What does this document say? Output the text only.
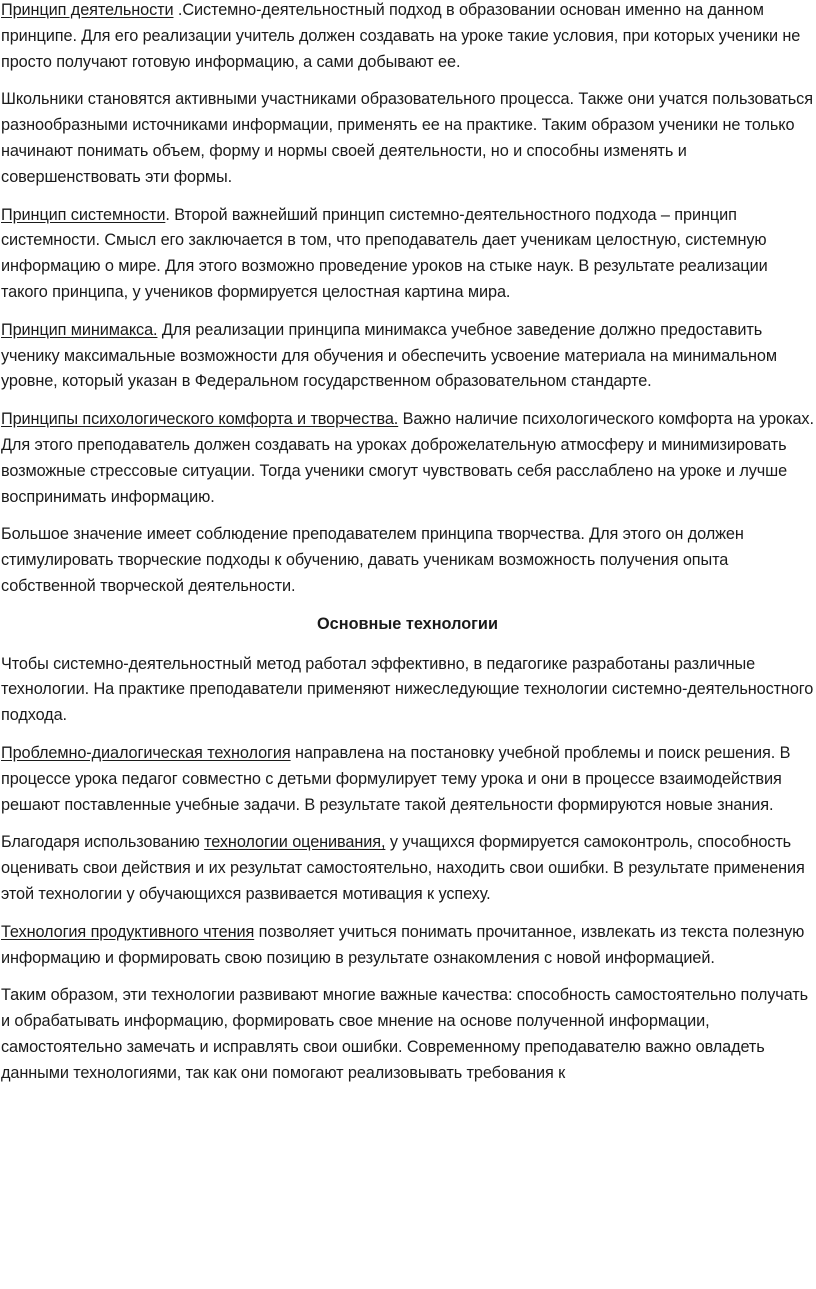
Принцип деятельности .Системно-деятельностный подход в образовании основан именно на данном принципе. Для его реализации учитель должен создавать на уроке такие условия, при которых ученики не просто получают готовую информацию, а сами добывают ее.

Школьники становятся активными участниками образовательного процесса. Также они учатся пользоваться разнообразными источниками информации, применять ее на практике. Таким образом ученики не только начинают понимать объем, форму и нормы своей деятельности, но и способны изменять и совершенствовать эти формы.

Принцип системности. Второй важнейший принцип системно-деятельностного подхода – принцип системности. Смысл его заключается в том, что преподаватель дает ученикам целостную, системную информацию о мире. Для этого возможно проведение уроков на стыке наук. В результате реализации такого принципа, у учеников формируется целостная картина мира.

Принцип минимакса. Для реализации принципа минимакса учебное заведение должно предоставить ученику максимальные возможности для обучения и обеспечить усвоение материала на минимальном уровне, который указан в Федеральном государственном образовательном стандарте.

Принципы психологического комфорта и творчества. Важно наличие психологического комфорта на уроках. Для этого преподаватель должен создавать на уроках доброжелательную атмосферу и минимизировать возможные стрессовые ситуации. Тогда ученики смогут чувствовать себя расслаблено на уроке и лучше воспринимать информацию.

Большое значение имеет соблюдение преподавателем принципа творчества. Для этого он должен стимулировать творческие подходы к обучению, давать ученикам возможность получения опыта собственной творческой деятельности.

Основные технологии

Чтобы системно-деятельностный метод работал эффективно, в педагогике разработаны различные технологии. На практике преподаватели применяют нижеследующие технологии системно-деятельностного подхода.

Проблемно-диалогическая технология направлена на постановку учебной проблемы и поиск решения. В процессе урока педагог совместно с детьми формулирует тему урока и они в процессе взаимодействия решают поставленные учебные задачи. В результате такой деятельности формируются новые знания.

Благодаря использованию технологии оценивания, у учащихся формируется самоконтроль, способность оценивать свои действия и их результат самостоятельно, находить свои ошибки. В результате применения этой технологии у обучающихся развивается мотивация к успеху.

Технология продуктивного чтения позволяет учиться понимать прочитанное, извлекать из текста полезную информацию и формировать свою позицию в результате ознакомления с новой информацией.

Таким образом, эти технологии развивают многие важные качества: способность самостоятельно получать и обрабатывать информацию, формировать свое мнение на основе полученной информации, самостоятельно замечать и исправлять свои ошибки. Современному преподавателю важно овладеть данными технологиями, так как они помогают реализовывать требования к
